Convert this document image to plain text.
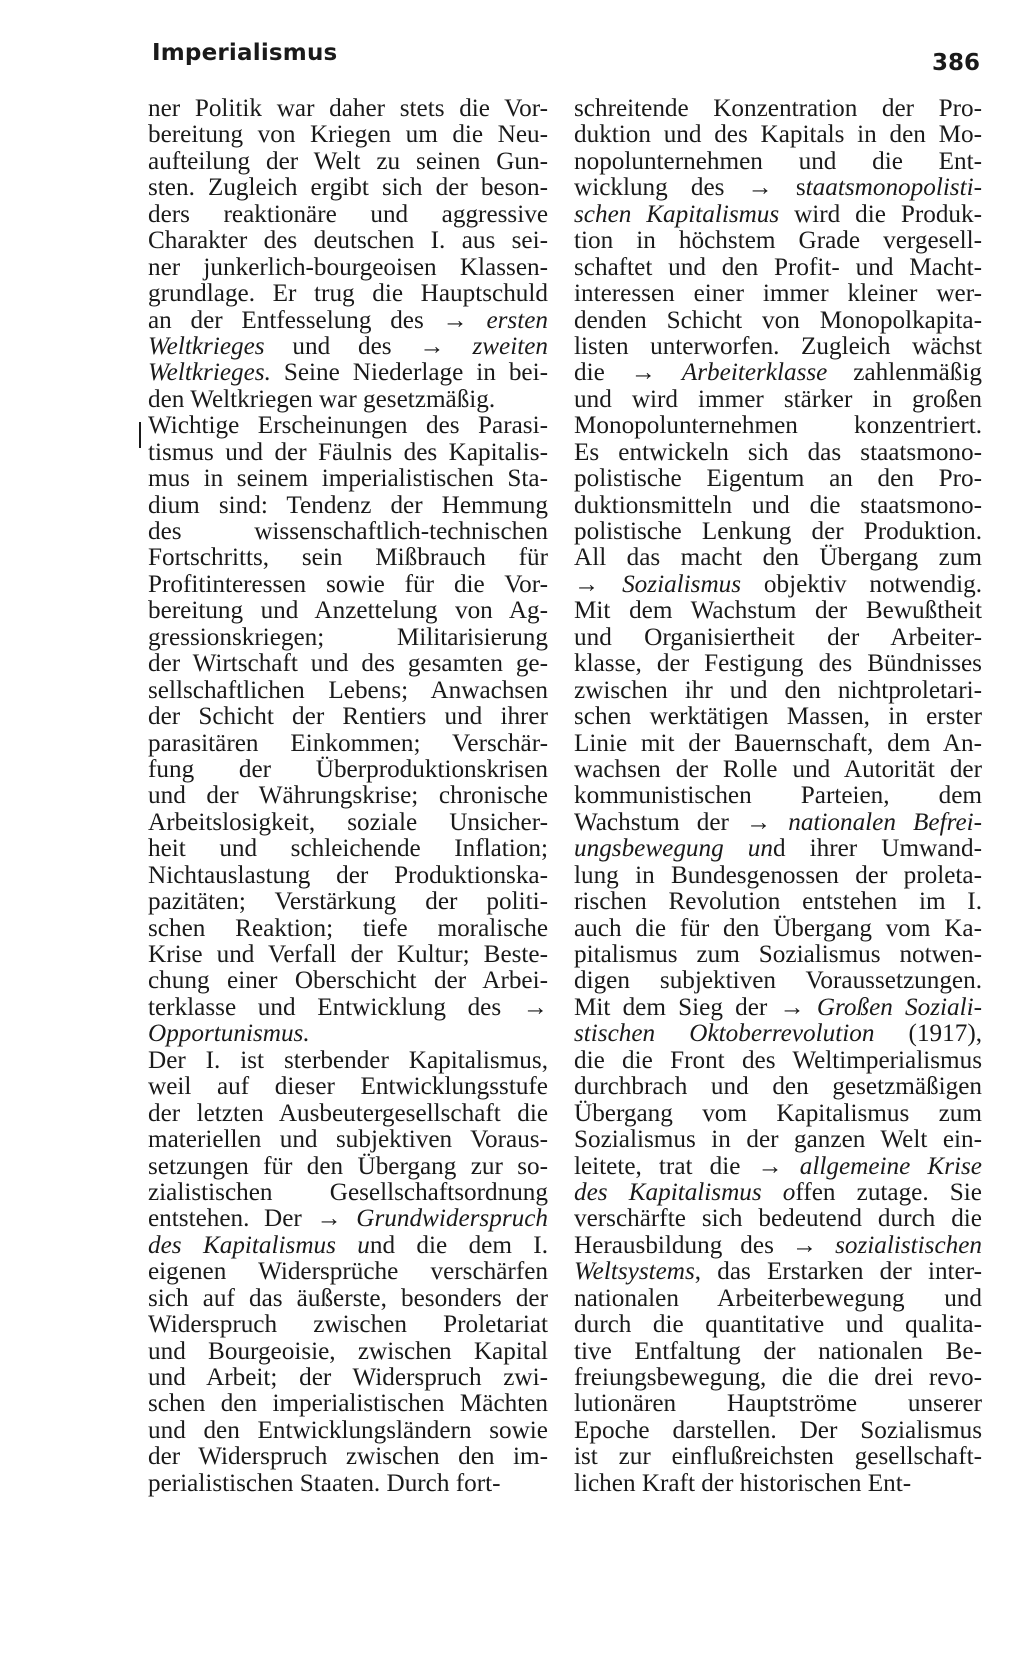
Imperialismus	386
ner Politik war daher stets die Vor-
bereitung von Kriegen um die Neu-
aufteilung der Welt zu seinen Gun-
sten. Zugleich ergibt sich der beson-
ders reaktionäre und aggressive
Charakter des deutschen I. aus sei-
ner junkerlich-bourgeoisen Klassen-
grundlage. Er trug die Hauptschuld
an der Entfesselung des → ersten
Weltkrieges und des → zweiten
Weltkrieges. Seine Niederlage in bei-
den Weltkriegen war gesetzmäßig.
Wichtige Erscheinungen des Parasi-
tismus und der Fäulnis des Kapitalis-
mus in seinem imperialistischen Sta-
dium sind: Tendenz der Hemmung
des wissenschaftlich-technischen
Fortschritts, sein Mißbrauch für
Profitinteressen sowie für die Vor-
bereitung und Anzettelung von Ag-
gressionskriegen; Militarisierung
der Wirtschaft und des gesamten ge-
sellschaftlichen Lebens; Anwachsen
der Schicht der Rentiers und ihrer
parasitären Einkommen; Verschär-
fung der Überproduktionskrisen
und der Währungskrise; chronische
Arbeitslosigkeit, soziale Unsicher-
heit und schleichende Inflation;
Nichtauslastung der Produktionska-
pazitäten; Verstärkung der politi-
schen Reaktion; tiefe moralische
Krise und Verfall der Kultur; Beste-
chung einer Oberschicht der Arbei-
terklasse und Entwicklung des →
Opportunismus.
Der I. ist sterbender Kapitalismus,
weil auf dieser Entwicklungsstufe
der letzten Ausbeutergesellschaft die
materiellen und subjektiven Voraus-
setzungen für den Übergang zur so-
zialistischen Gesellschaftsordnung
entstehen. Der → Grundwiderspruch
des Kapitalismus und die dem I.
eigenen Widersprüche verschärfen
sich auf das äußerste, besonders der
Widerspruch zwischen Proletariat
und Bourgeoisie, zwischen Kapital
und Arbeit; der Widerspruch zwi-
schen den imperialistischen Mächten
und den Entwicklungsländern sowie
der Widerspruch zwischen den im-
perialistischen Staaten. Durch fort-
schreitende Konzentration der Pro-
duktion und des Kapitals in den Mo-
nopolunternehmen und die Ent-
wicklung des → staatsmonopolisti-
schen Kapitalismus wird die Produk-
tion in höchstem Grade vergesell-
schaftet und den Profit- und Macht-
interessen einer immer kleiner wer-
denden Schicht von Monopolkapita-
listen unterworfen. Zugleich wächst
die → Arbeiterklasse zahlenmäßig
und wird immer stärker in großen
Monopolunternehmen konzentriert.
Es entwickeln sich das staatsmono-
polistische Eigentum an den Pro-
duktionsmitteln und die staatsmono-
polistische Lenkung der Produktion.
All das macht den Übergang zum
→ Sozialismus objektiv notwendig.
Mit dem Wachstum der Bewußtheit
und Organisiertheit der Arbeiter-
klasse, der Festigung des Bündnisses
zwischen ihr und den nichtproletari-
schen werktätigen Massen, in erster
Linie mit der Bauernschaft, dem An-
wachsen der Rolle und Autorität der
kommunistischen Parteien, dem
Wachstum der → nationalen Befrei-
ungsbewegung und ihrer Umwand-
lung in Bundesgenossen der proleta-
rischen Revolution entstehen im I.
auch die für den Übergang vom Ka-
pitalismus zum Sozialismus notwen-
digen subjektiven Voraussetzungen.
Mit dem Sieg der → Großen Soziali-
stischen Oktoberrevolution (1917),
die die Front des Weltimperialismus
durchbrach und den gesetzmäßigen
Übergang vom Kapitalismus zum
Sozialismus in der ganzen Welt ein-
leitete, trat die → allgemeine Krise
des Kapitalismus offen zutage. Sie
verschärfte sich bedeutend durch die
Herausbildung des → sozialistischen
Weltsystems, das Erstarken der inter-
nationalen Arbeiterbewegung und
durch die quantitative und qualita-
tive Entfaltung der nationalen Be-
freiungsbewegung, die die drei revo-
lutionären Hauptströme unserer
Epoche darstellen. Der Sozialismus
ist zur einflußreichsten gesellschaft-
lichen Kraft der historischen Ent-
